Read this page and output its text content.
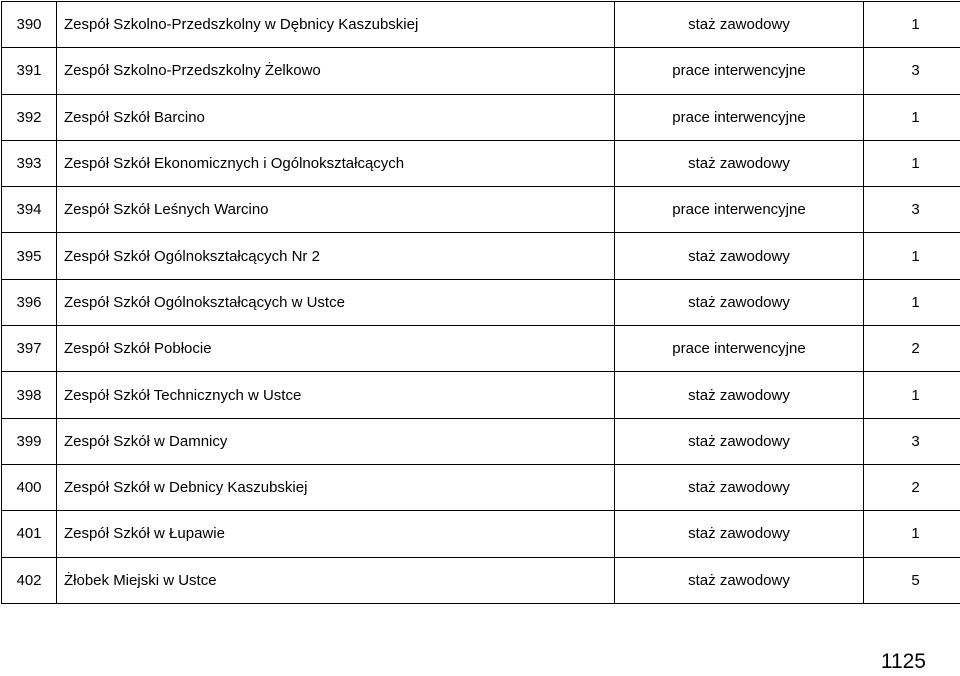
390	Zespół Szkolno-Przedszkolny w Dębnicy Kaszubskiej	staż zawodowy	1
391	Zespół Szkolno-Przedszkolny Żelkowo	prace interwencyjne	3
392	Zespół Szkół Barcino	prace interwencyjne	1
393	Zespół Szkół Ekonomicznych i Ogólnokształcących	staż zawodowy	1
394	Zespół Szkół Leśnych Warcino	prace interwencyjne	3
395	Zespół Szkół Ogólnokształcących Nr 2	staż zawodowy	1
396	Zespół Szkół Ogólnokształcących w Ustce	staż zawodowy	1
397	Zespół Szkół Pobłocie	prace interwencyjne	2
398	Zespół Szkół Technicznych w Ustce	staż zawodowy	1
399	Zespół Szkół w Damnicy	staż zawodowy	3
400	Zespół Szkół w Debnicy Kaszubskiej	staż zawodowy	2
401	Zespół Szkół w Łupawie	staż zawodowy	1
402	Żłobek Miejski w Ustce	staż zawodowy	5
1125
